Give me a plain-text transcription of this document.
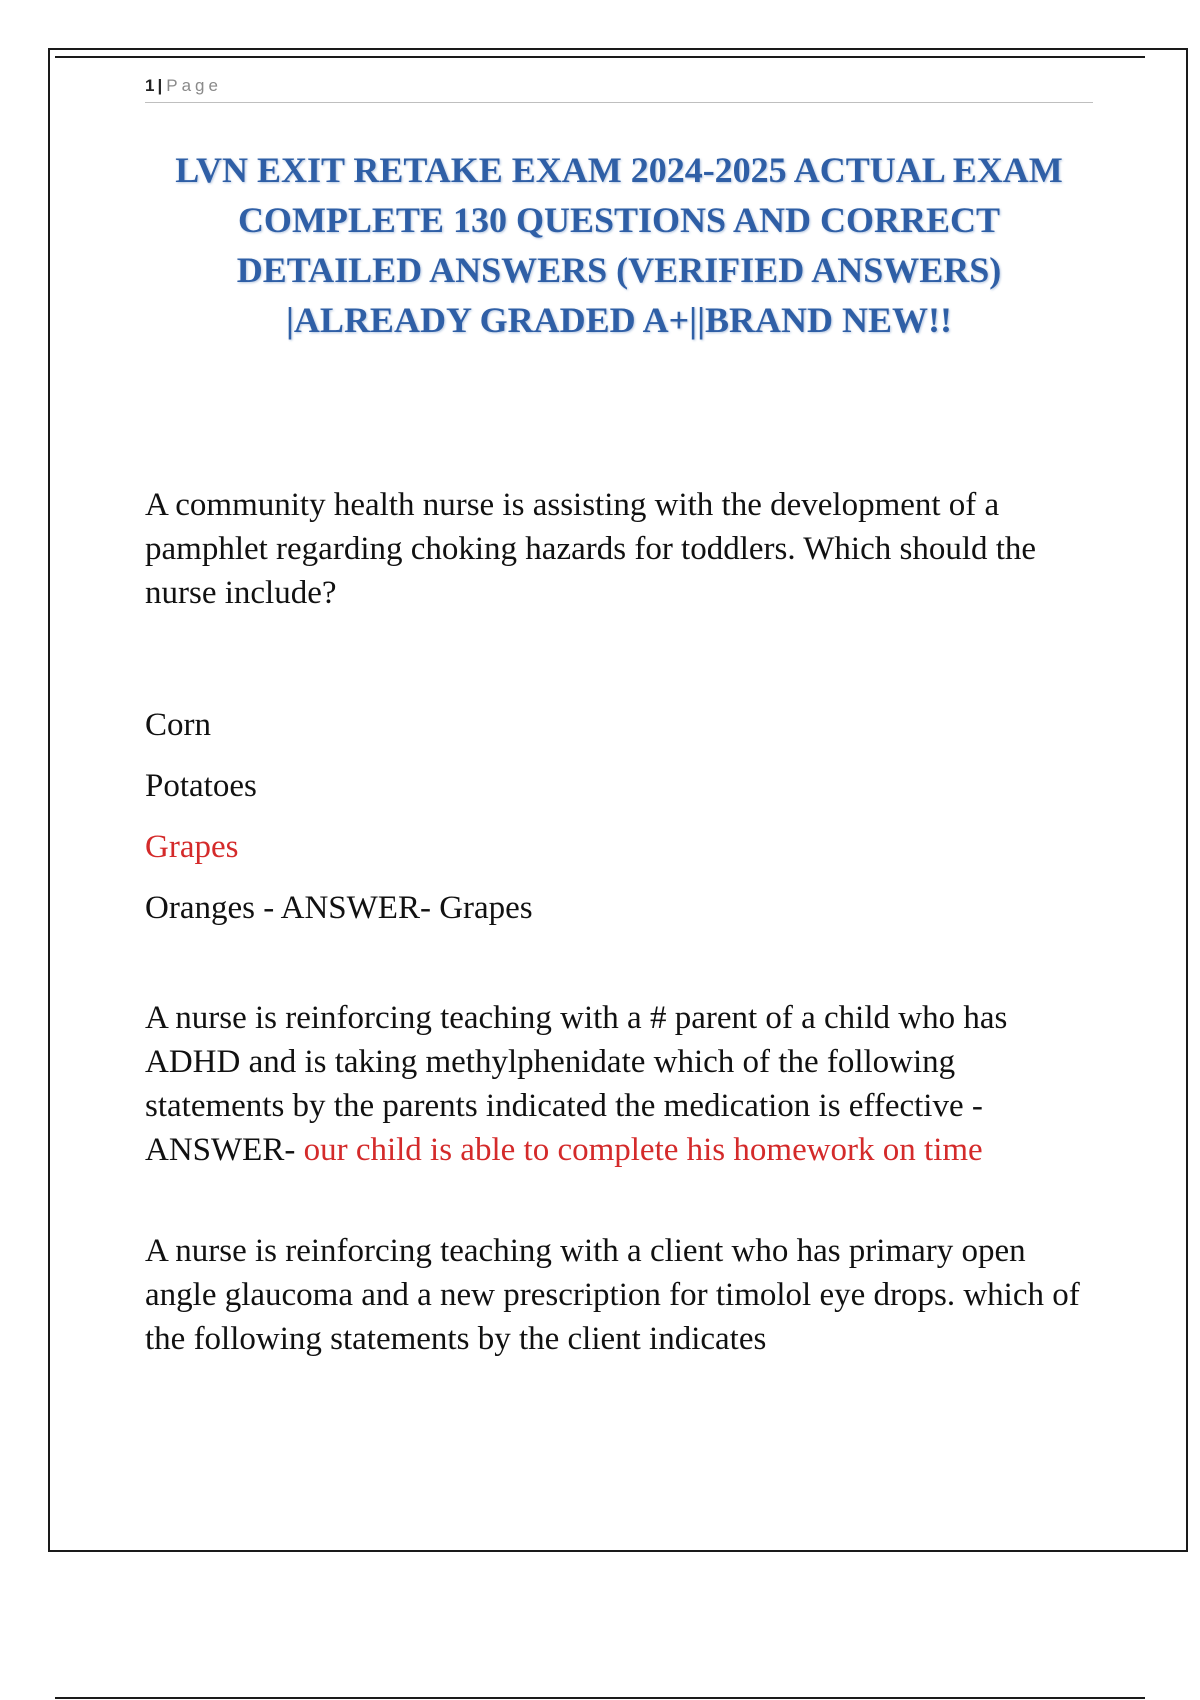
1 | Page
LVN EXIT RETAKE EXAM 2024-2025 ACTUAL EXAM
COMPLETE 130 QUESTIONS AND CORRECT
DETAILED ANSWERS (VERIFIED ANSWERS)
|ALREADY GRADED A+||BRAND NEW!!

A community health nurse is assisting with the development of a pamphlet regarding choking hazards for toddlers. Which should the nurse include?

Corn

Potatoes

Grapes

Oranges - ANSWER- Grapes

A nurse is reinforcing teaching with a # parent of a child who has ADHD and is taking methylphenidate which of the following statements by the parents indicated the medication is effective - ANSWER- our child is able to complete his homework on time

A nurse is reinforcing teaching with a client who has primary open angle glaucoma and a new prescription for timolol eye drops. which of the following statements by the client indicates
